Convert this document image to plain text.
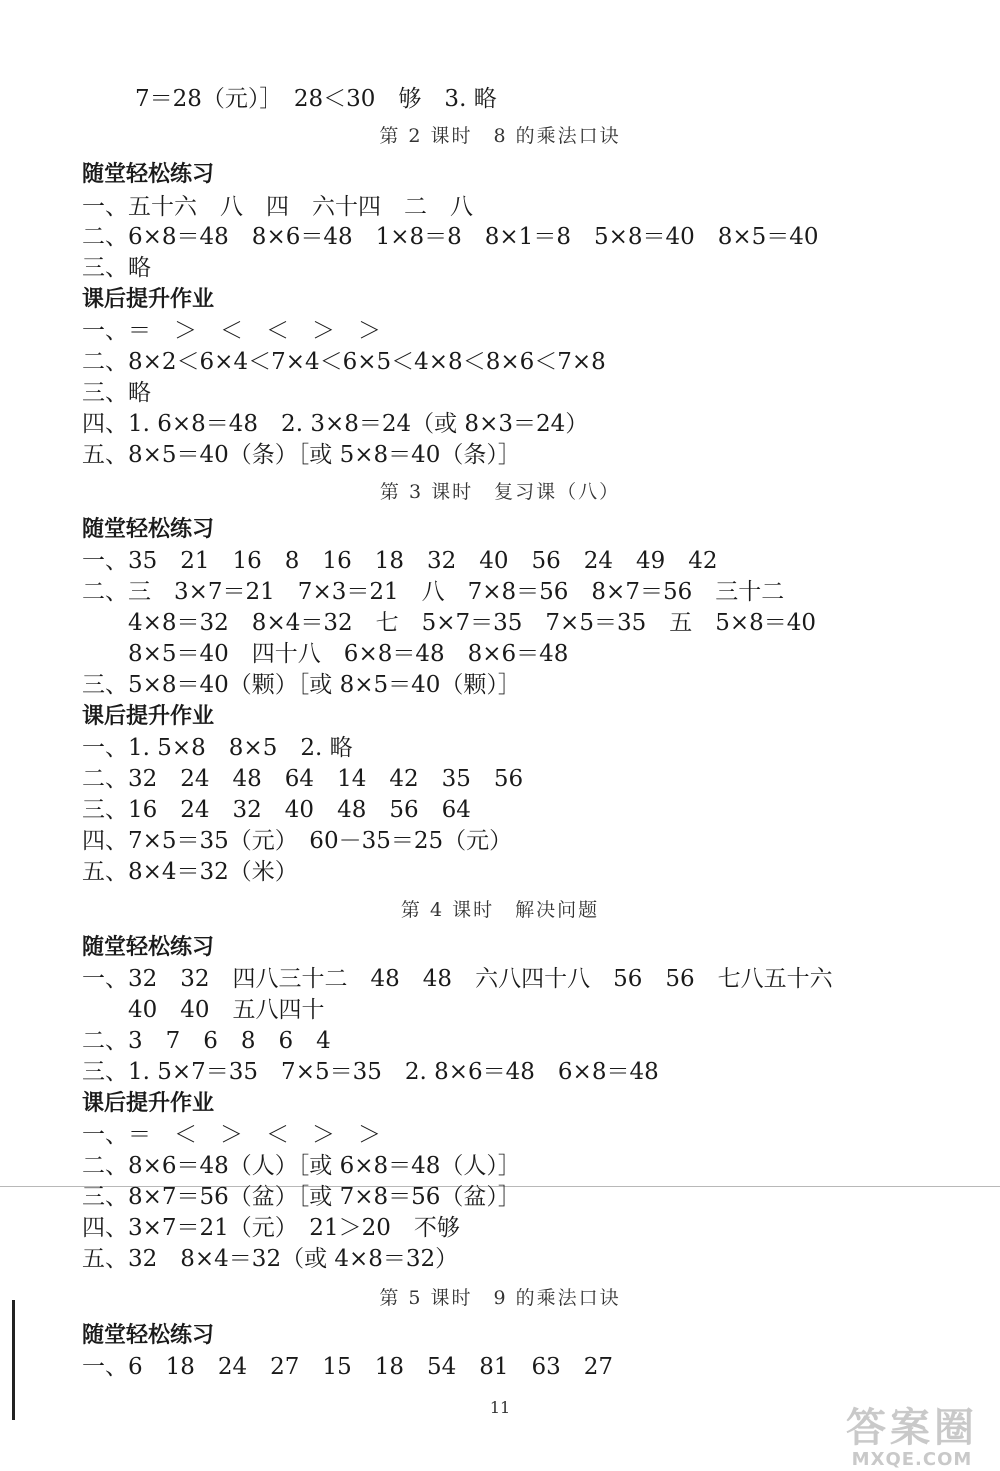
7＝28（元）］　28＜30　够　3. 略
第 2 课时　8 的乘法口诀
随堂轻松练习
一、五十六　八　四　六十四　二　八
二、6×8＝48　8×6＝48　1×8＝8　8×1＝8　5×8＝40　8×5＝40
三、略
课后提升作业
一、＝　＞　＜　＜　＞　＞
二、8×2＜6×4＜7×4＜6×5＜4×8＜8×6＜7×8
三、略
四、1. 6×8＝48　2. 3×8＝24（或 8×3＝24）
五、8×5＝40（条）［或 5×8＝40（条）］
第 3 课时　复习课（八）
随堂轻松练习
一、35　21　16　8　16　18　32　40　56　24　49　42
二、三　3×7＝21　7×3＝21　八　7×8＝56　8×7＝56　三十二
　　4×8＝32　8×4＝32　七　5×7＝35　7×5＝35　五　5×8＝40
　　8×5＝40　四十八　6×8＝48　8×6＝48
三、5×8＝40（颗）［或 8×5＝40（颗）］
课后提升作业
一、1. 5×8　8×5　2. 略
二、32　24　48　64　14　42　35　56
三、16　24　32　40　48　56　64
四、7×5＝35（元）　60－35＝25（元）
五、8×4＝32（米）
第 4 课时　解决问题
随堂轻松练习
一、32　32　四八三十二　48　48　六八四十八　56　56　七八五十六
　　40　40　五八四十
二、3　7　6　8　6　4
三、1. 5×7＝35　7×5＝35　2. 8×6＝48　6×8＝48
课后提升作业
一、＝　＜　＞　＜　＞　＞
二、8×6＝48（人）［或 6×8＝48（人）］
三、8×7＝56（盆）［或 7×8＝56（盆）］
四、3×7＝21（元）　21＞20　不够
五、32　8×4＝32（或 4×8＝32）
第 5 课时　9 的乘法口诀
随堂轻松练习
一、6　18　24　27　15　18　54　81　63　27
11	答案圈
MXQE.COM
